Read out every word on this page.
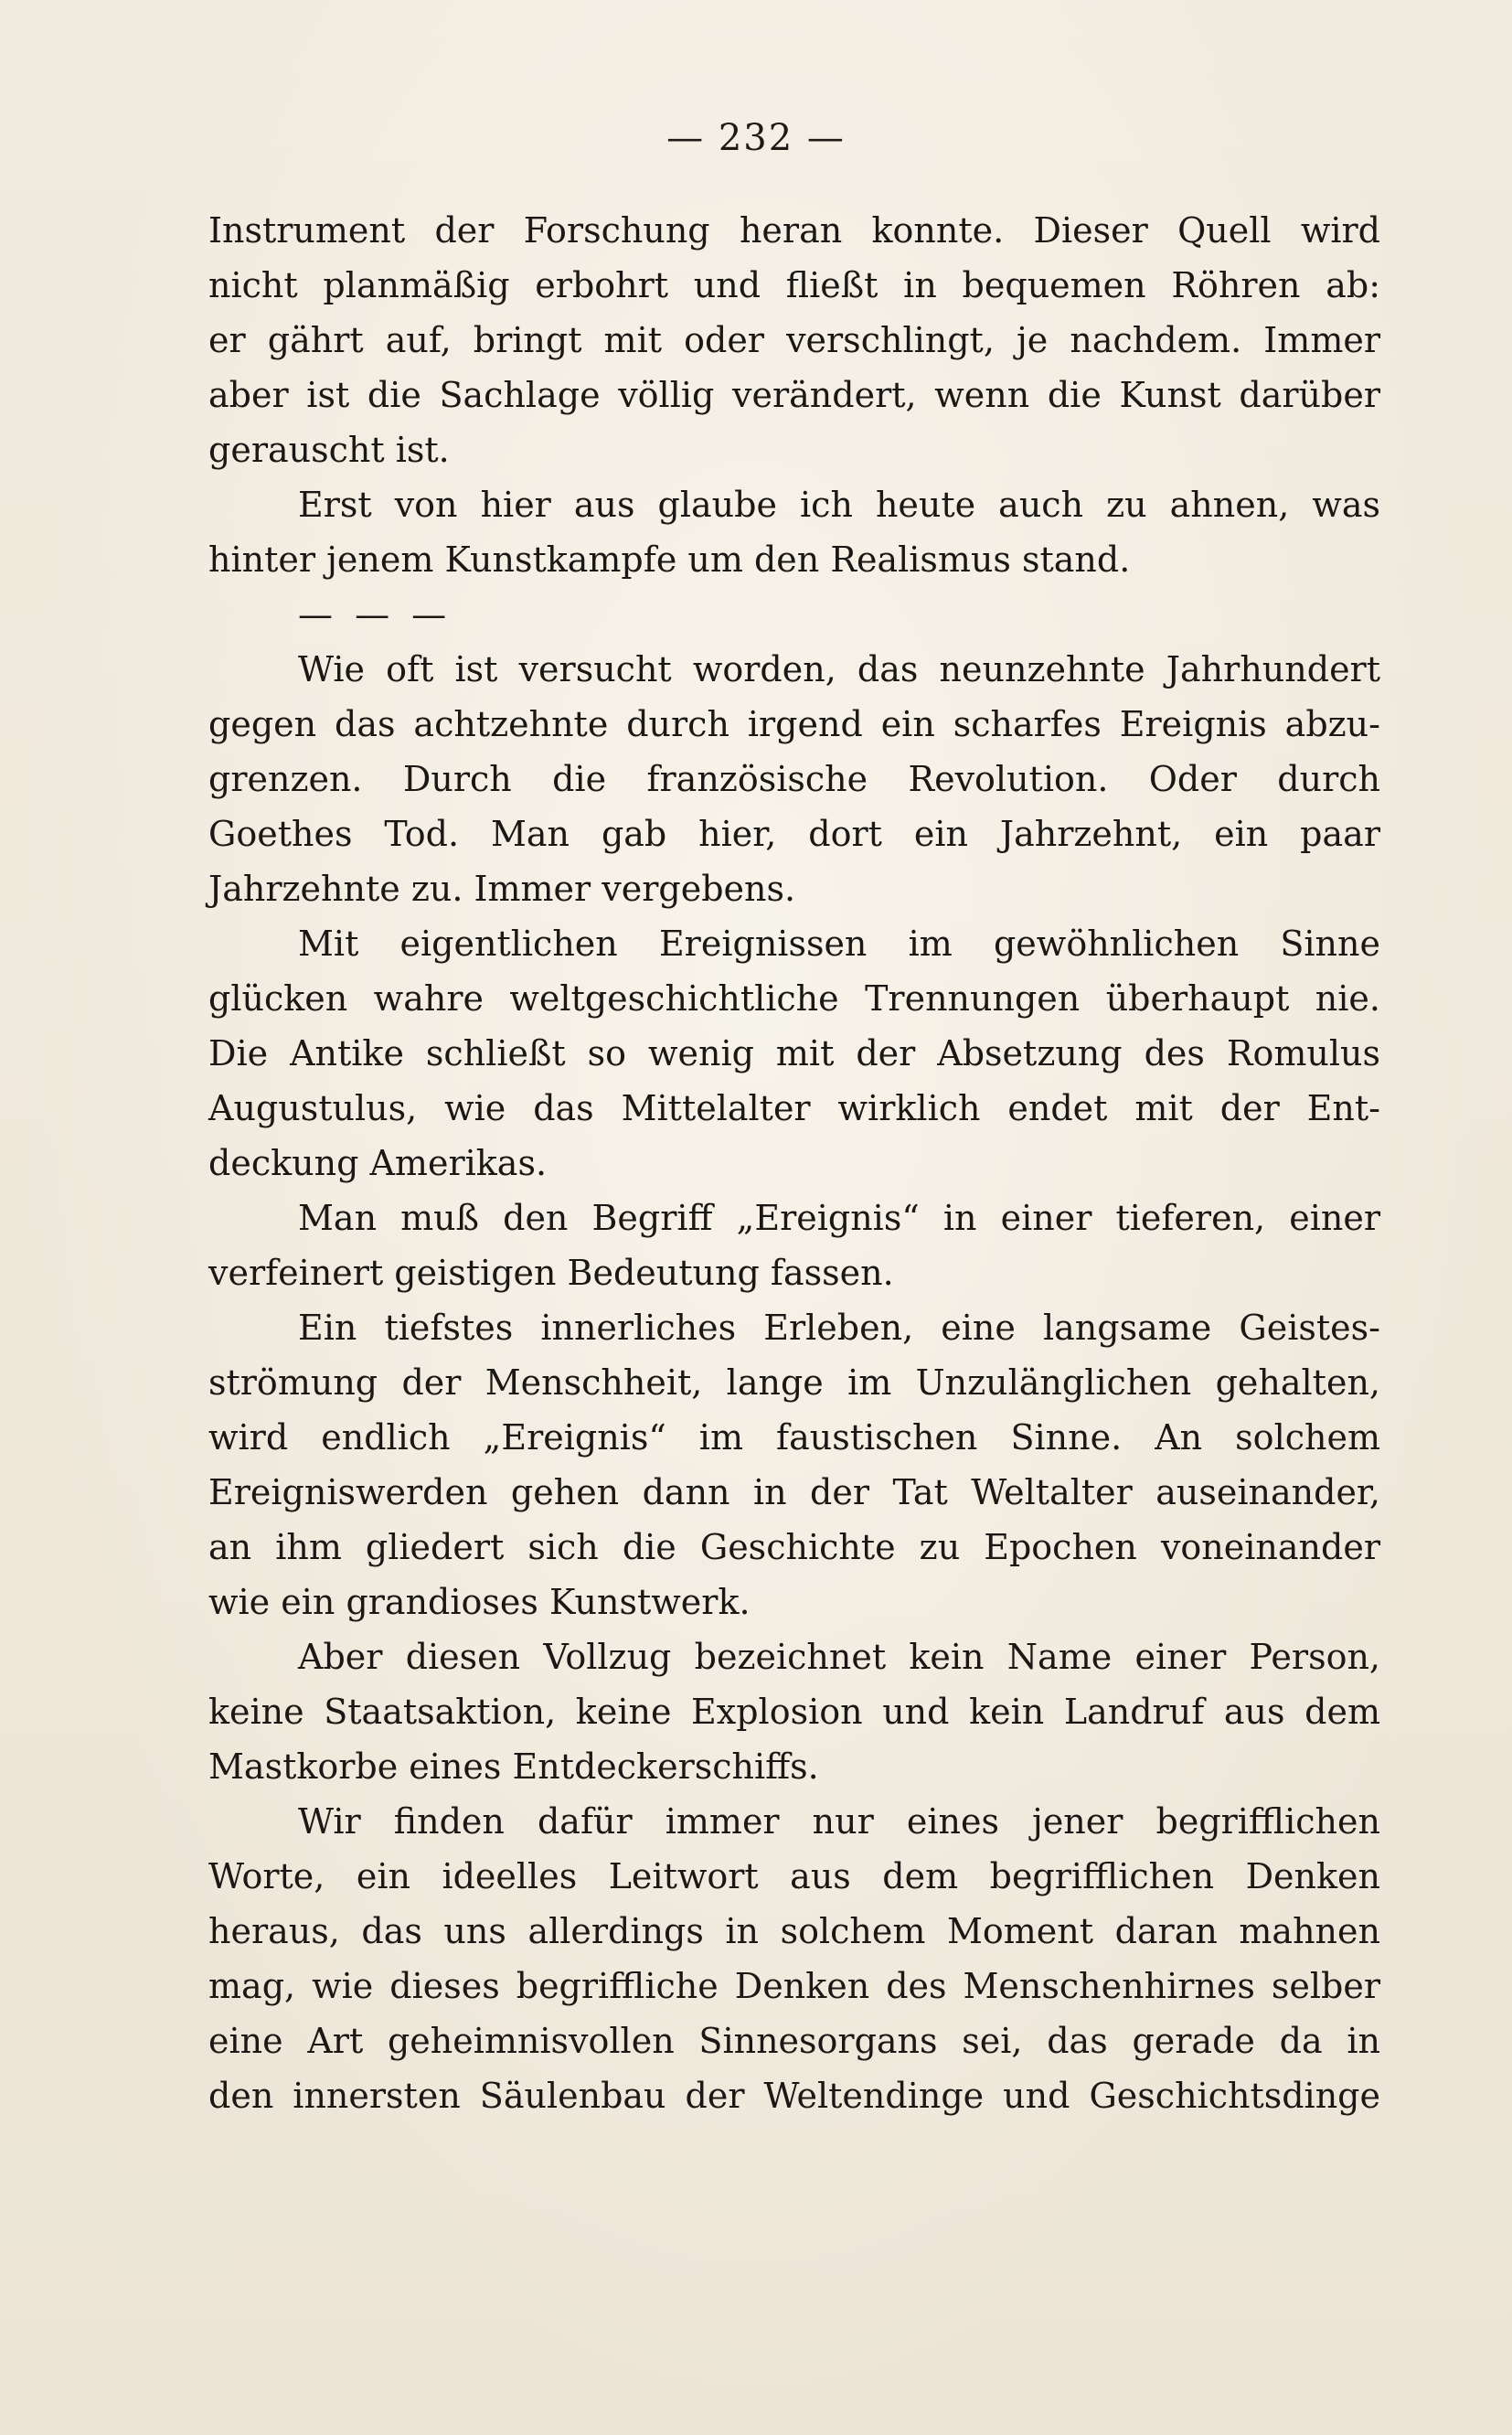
— 232 —
Instrument der Forschung heran konnte. Dieser Quell wird
nicht planmäßig erbohrt und fließt in bequemen Röhren ab:
er gährt auf, bringt mit oder verschlingt, je nachdem. Immer
aber ist die Sachlage völlig verändert, wenn die Kunst darüber
gerauscht ist.
Erst von hier aus glaube ich heute auch zu ahnen, was
hinter jenem Kunstkampfe um den Realismus stand.
— — —
Wie oft ist versucht worden, das neunzehnte Jahrhundert
gegen das achtzehnte durch irgend ein scharfes Ereignis abzu-
grenzen. Durch die französische Revolution. Oder durch
Goethes Tod. Man gab hier, dort ein Jahrzehnt, ein paar
Jahrzehnte zu. Immer vergebens.
Mit eigentlichen Ereignissen im gewöhnlichen Sinne
glücken wahre weltgeschichtliche Trennungen überhaupt nie.
Die Antike schließt so wenig mit der Absetzung des Romulus
Augustulus, wie das Mittelalter wirklich endet mit der Ent-
deckung Amerikas.
Man muß den Begriff „Ereignis“ in einer tieferen, einer
verfeinert geistigen Bedeutung fassen.
Ein tiefstes innerliches Erleben, eine langsame Geistes-
strömung der Menschheit, lange im Unzulänglichen gehalten,
wird endlich „Ereignis“ im faustischen Sinne. An solchem
Ereigniswerden gehen dann in der Tat Weltalter auseinander,
an ihm gliedert sich die Geschichte zu Epochen voneinander
wie ein grandioses Kunstwerk.
Aber diesen Vollzug bezeichnet kein Name einer Person,
keine Staatsaktion, keine Explosion und kein Landruf aus dem
Mastkorbe eines Entdeckerschiffs.
Wir finden dafür immer nur eines jener begrifflichen
Worte, ein ideelles Leitwort aus dem begrifflichen Denken
heraus, das uns allerdings in solchem Moment daran mahnen
mag, wie dieses begriffliche Denken des Menschenhirnes selber
eine Art geheimnisvollen Sinnesorgans sei, das gerade da in
den innersten Säulenbau der Weltendinge und Geschichtsdinge
